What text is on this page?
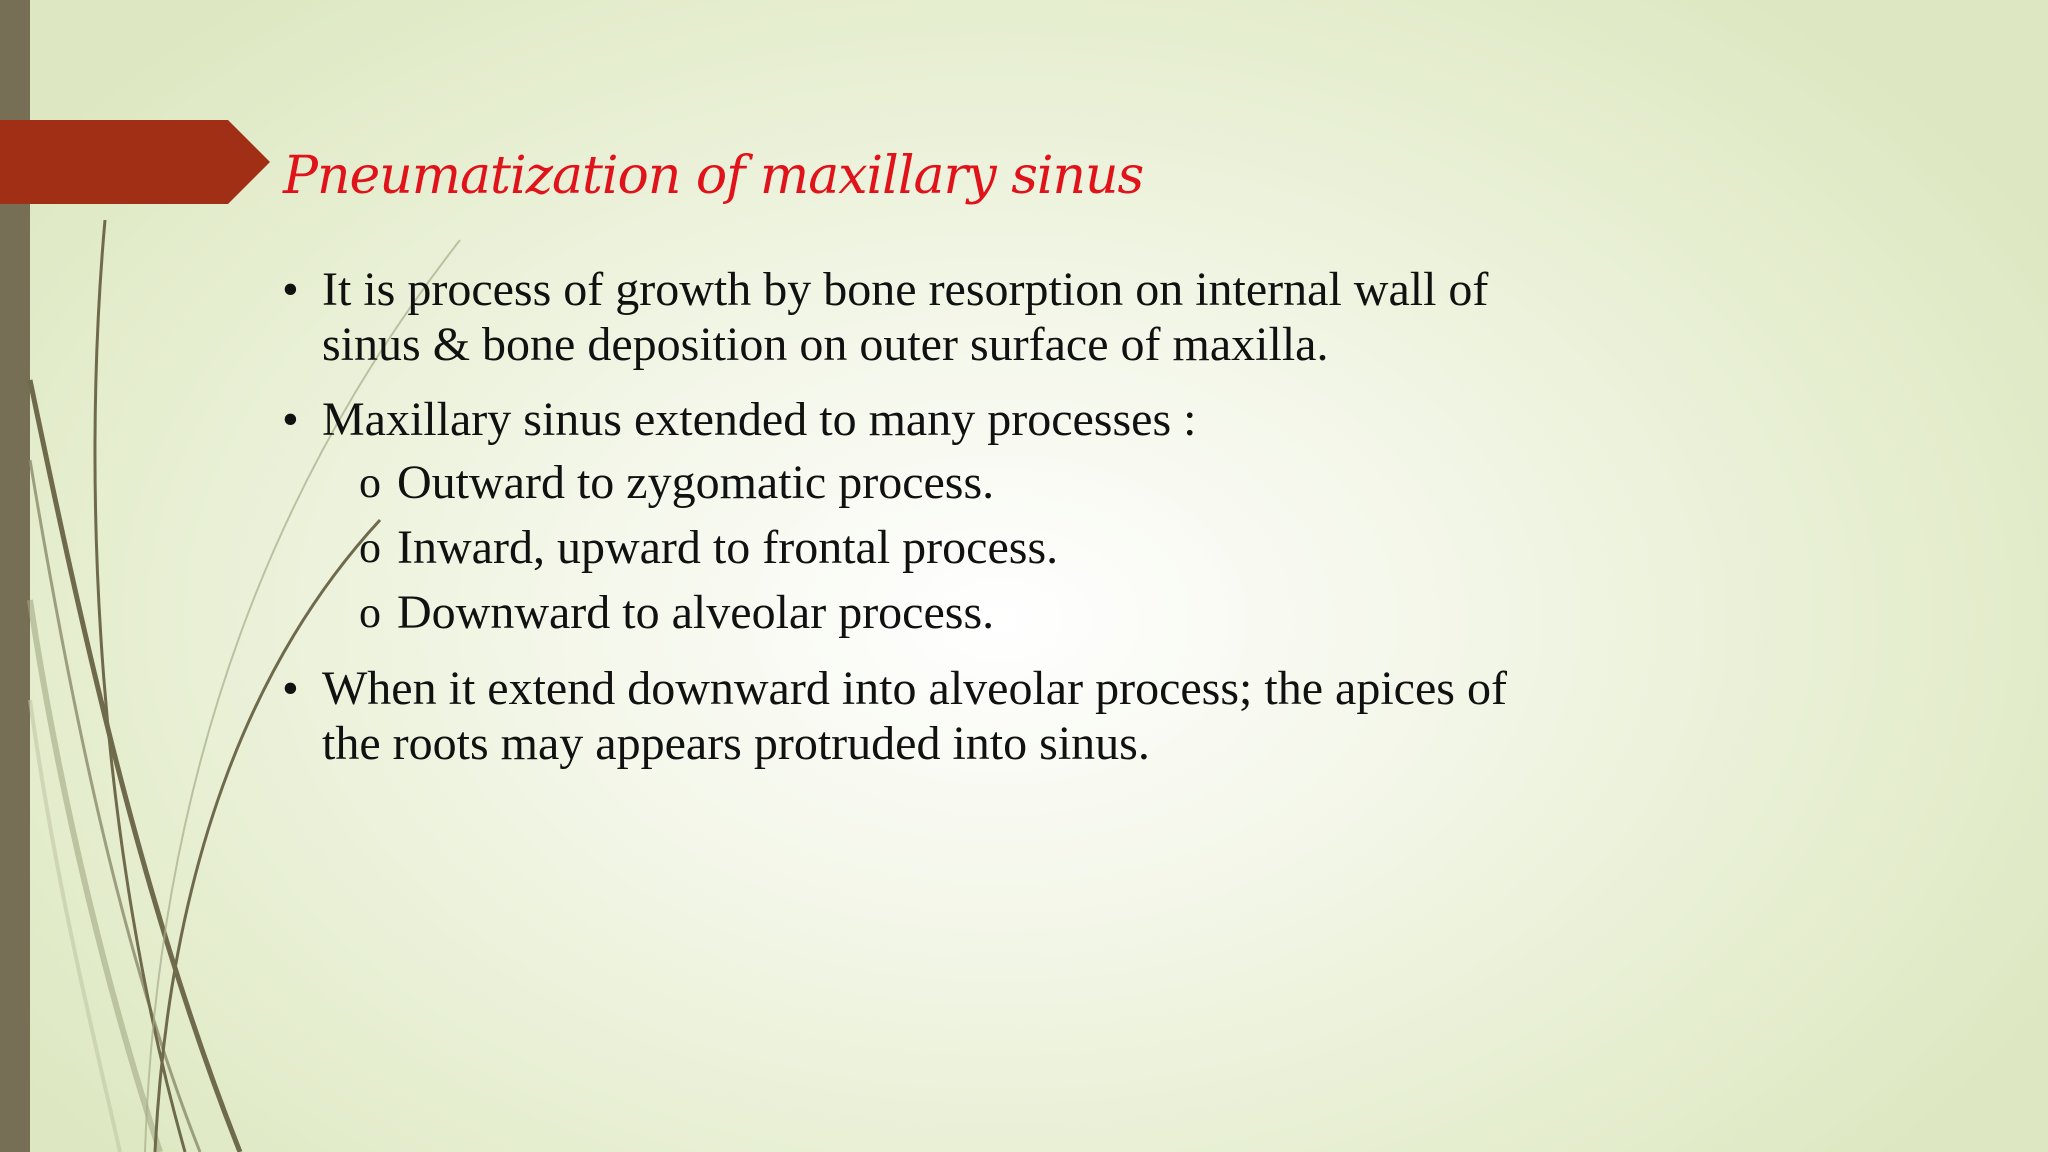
Pneumatization of maxillary sinus
• It is process of growth by bone resorption on internal wall of
sinus & bone deposition on outer surface of maxilla.
• Maxillary sinus extended to many processes :
o Outward to zygomatic process.
o Inward, upward to frontal process.
o Downward to alveolar process.
• When it extend downward into alveolar process; the apices of
the roots may appears protruded into sinus.
